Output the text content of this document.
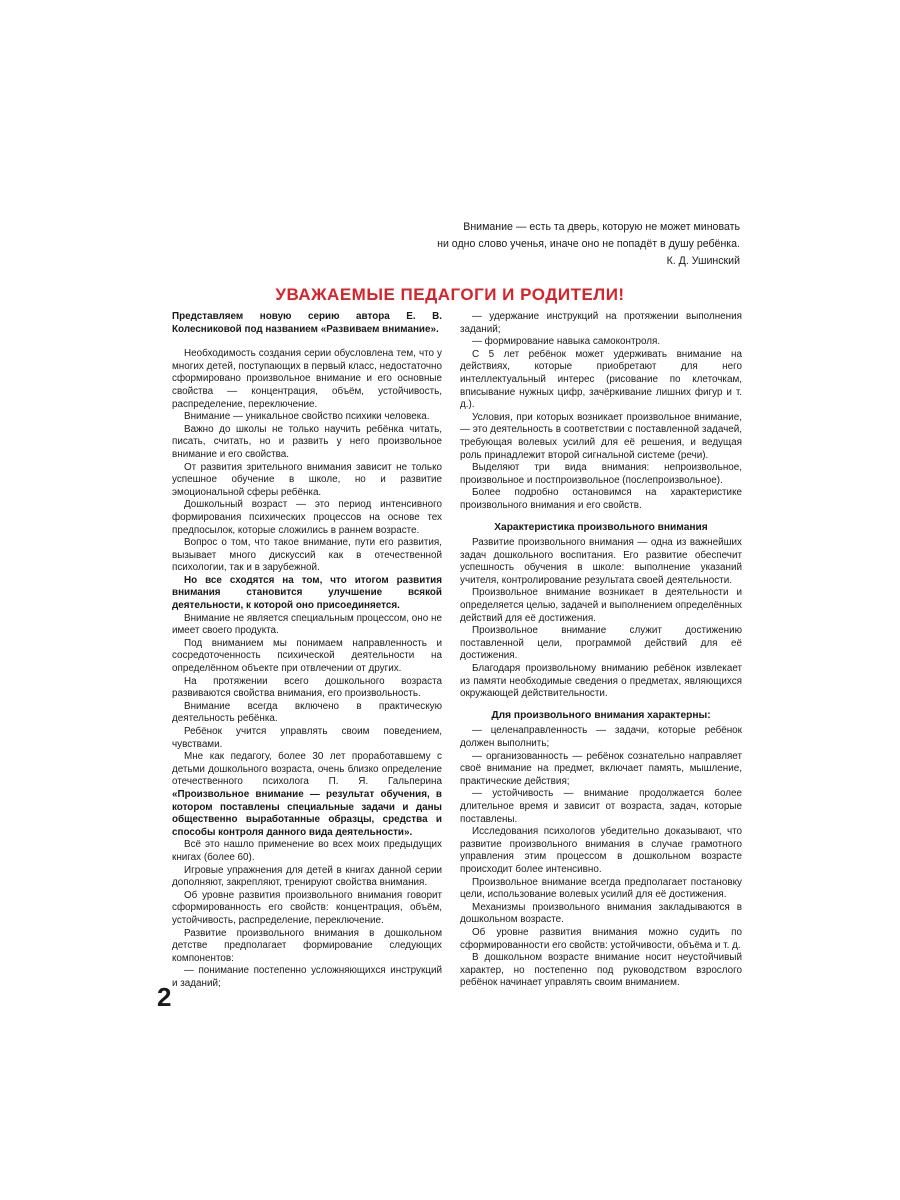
Внимание — есть та дверь, которую не может миновать
ни одно слово ученья, иначе оно не попадёт в душу ребёнка.
К. Д. Ушинский
УВАЖАЕМЫЕ ПЕДАГОГИ И РОДИТЕЛИ!

Представляем новую серию автора Е. В. Колесниковой под названием «Развиваем внимание».

Необходимость создания серии обусловлена тем, что у многих детей, поступающих в первый класс, недостаточно сформировано произвольное внимание и его основные свойства — концентрация, объём, устойчивость, распределение, переключение.

Внимание — уникальное свойство психики человека.

Важно до школы не только научить ребёнка читать, писать, считать, но и развить у него произвольное внимание и его свойства.

От развития зрительного внимания зависит не только успешное обучение в школе, но и развитие эмоциональной сферы ребёнка.

Дошкольный возраст — это период интенсивного формирования психических процессов на основе тех предпосылок, которые сложились в раннем возрасте.

Вопрос о том, что такое внимание, пути его развития, вызывает много дискуссий как в отечественной психологии, так и в зарубежной.

Но все сходятся на том, что итогом развития внимания становится улучшение всякой деятельности, к которой оно присоединяется.

Внимание не является специальным процессом, оно не имеет своего продукта.

Под вниманием мы понимаем направленность и сосредоточенность психической деятельности на определённом объекте при отвлечении от других.

На протяжении всего дошкольного возраста развиваются свойства внимания, его произвольность.

Внимание всегда включено в практическую деятельность ребёнка.

Ребёнок учится управлять своим поведением, чувствами.

Мне как педагогу, более 30 лет проработавшему с детьми дошкольного возраста, очень близко определение отечественного психолога П. Я. Гальперина «Произвольное внимание — результат обучения, в котором поставлены специальные задачи и даны общественно выработанные образцы, средства и способы контроля данного вида деятельности».

Всё это нашло применение во всех моих предыдущих книгах (более 60).

Игровые упражнения для детей в книгах данной серии дополняют, закрепляют, тренируют свойства внимания.

Об уровне развития произвольного внимания говорит сформированность его свойств: концентрация, объём, устойчивость, распределение, переключение.

Развитие произвольного внимания в дошкольном детстве предполагает формирование следующих компонентов:

— понимание постепенно усложняющихся инструкций и заданий;

— удержание инструкций на протяжении выполнения заданий;

— формирование навыка самоконтроля.

С 5 лет ребёнок может удерживать внимание на действиях, которые приобретают для него интеллектуальный интерес (рисование по клеточкам, вписывание нужных цифр, зачёркивание лишних фигур и т. д.).

Условия, при которых возникает произвольное внимание, — это деятельность в соответствии с поставленной задачей, требующая волевых усилий для её решения, и ведущая роль принадлежит второй сигнальной системе (речи).

Выделяют три вида внимания: непроизвольное, произвольное и постпроизвольное (послепроизвольное).

Более подробно остановимся на характеристике произвольного внимания и его свойств.

Характеристика произвольного внимания

Развитие произвольного внимания — одна из важнейших задач дошкольного воспитания. Его развитие обеспечит успешность обучения в школе: выполнение указаний учителя, контролирование результата своей деятельности.

Произвольное внимание возникает в деятельности и определяется целью, задачей и выполнением определённых действий для её достижения.

Произвольное внимание служит достижению поставленной цели, программой действий для её достижения.

Благодаря произвольному вниманию ребёнок извлекает из памяти необходимые сведения о предметах, являющихся окружающей действительности.

Для произвольного внимания характерны:

— целенаправленность — задачи, которые ребёнок должен выполнить;

— организованность — ребёнок сознательно направляет своё внимание на предмет, включает память, мышление, практические действия;

— устойчивость — внимание продолжается более длительное время и зависит от возраста, задач, которые поставлены.

Исследования психологов убедительно доказывают, что развитие произвольного внимания в случае грамотного управления этим процессом в дошкольном возрасте происходит более интенсивно.

Произвольное внимание всегда предполагает постановку цели, использование волевых усилий для её достижения.

Механизмы произвольного внимания закладываются в дошкольном возрасте.

Об уровне развития внимания можно судить по сформированности его свойств: устойчивости, объёма и т. д.

В дошкольном возрасте внимание носит неустойчивый характер, но постепенно под руководством взрослого ребёнок начинает управлять своим вниманием.

2
